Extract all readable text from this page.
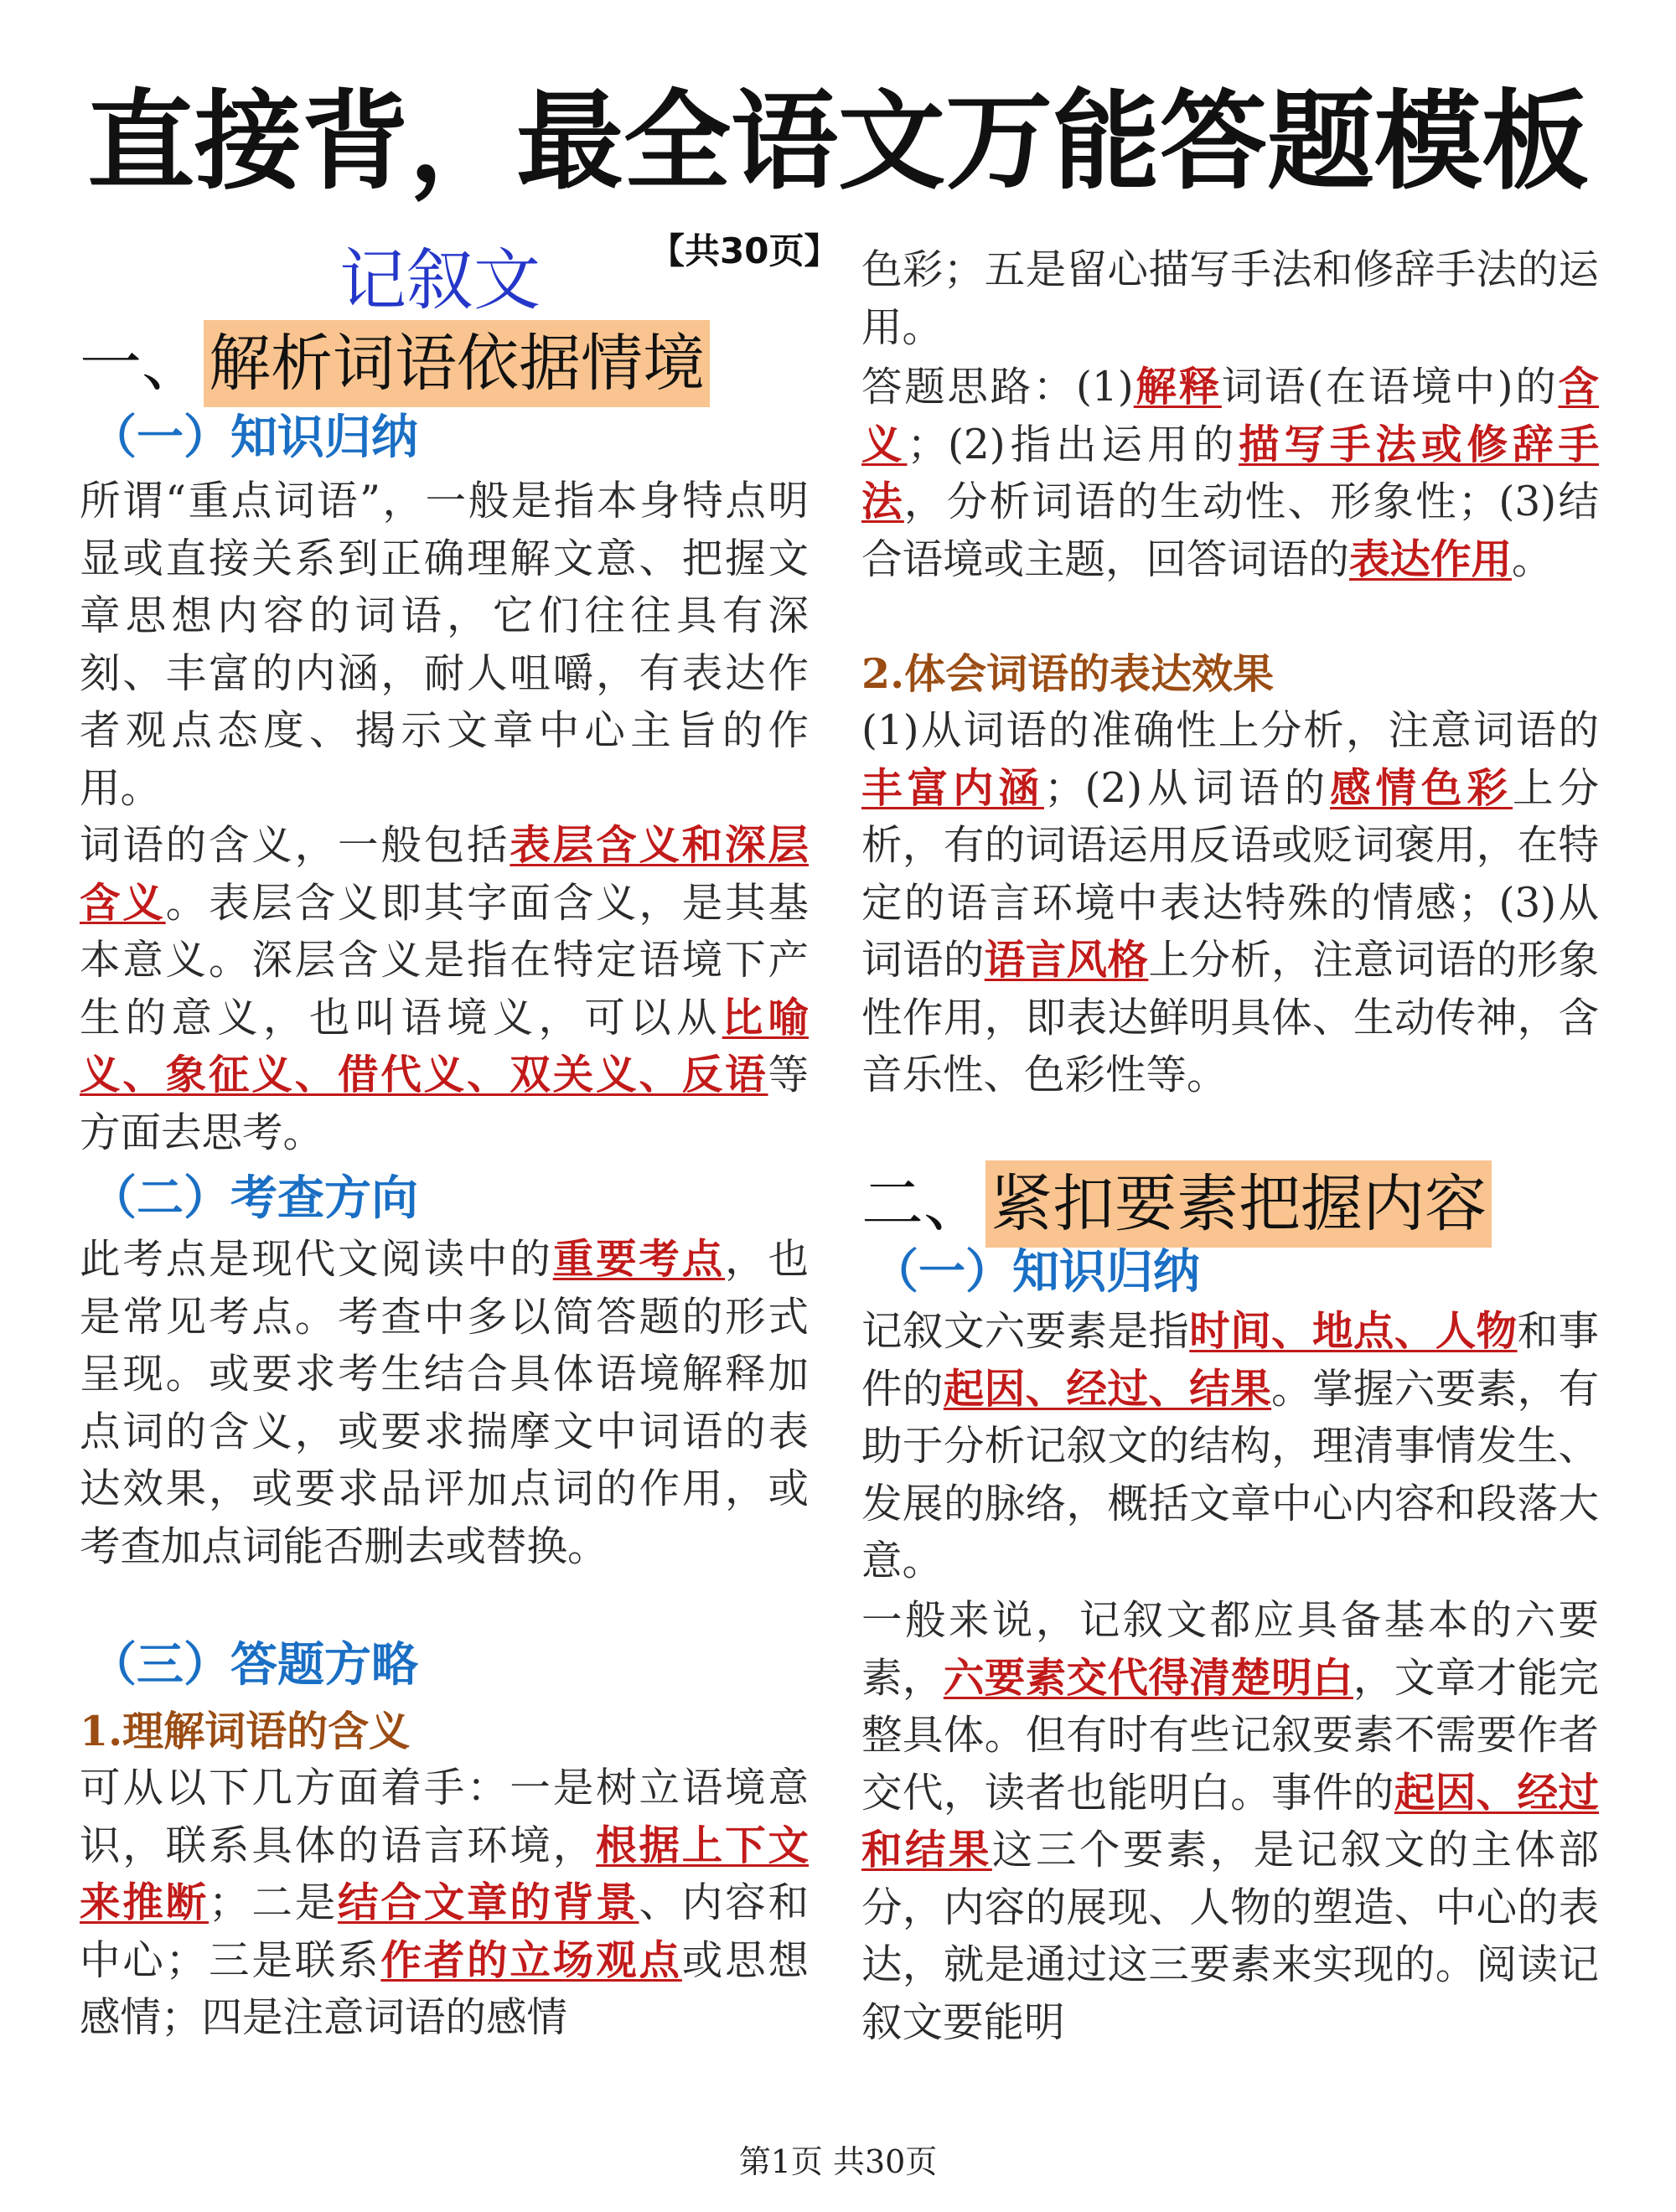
直接背，最全语文万能答题模板
记叙文	【共30页】
一、解析词语依据情境
（一）知识归纳
所谓“重点词语”，一般是指本身特点明显或直接关系到正确理解文意、把握文章思想内容的词语，它们往往具有深刻、丰富的内涵，耐人咀嚼，有表达作者观点态度、揭示文章中心主旨的作用。
词语的含义，一般包括表层含义和深层含义。表层含义即其字面含义，是其基本意义。深层含义是指在特定语境下产生的意义，也叫语境义，可以从比喻义、象征义、借代义、双关义、反语等方面去思考。
（二）考查方向
此考点是现代文阅读中的重要考点，也是常见考点。考查中多以简答题的形式呈现。或要求考生结合具体语境解释加点词的含义，或要求揣摩文中词语的表达效果，或要求品评加点词的作用，或考查加点词能否删去或替换。
（三）答题方略
1.理解词语的含义
可从以下几方面着手：一是树立语境意识，联系具体的语言环境，根据上下文来推断；二是结合文章的背景、内容和中心；三是联系作者的立场观点或思想感情；四是注意词语的感情
色彩；五是留心描写手法和修辞手法的运用。
答题思路：(1)解释词语(在语境中)的含义；(2)指出运用的描写手法或修辞手法，分析词语的生动性、形象性；(3)结合语境或主题，回答词语的表达作用。
2.体会词语的表达效果
(1)从词语的准确性上分析，注意词语的丰富内涵；(2)从词语的感情色彩上分析，有的词语运用反语或贬词褒用，在特定的语言环境中表达特殊的情感；(3)从词语的语言风格上分析，注意词语的形象性作用，即表达鲜明具体、生动传神，含音乐性、色彩性等。
二、紧扣要素把握内容
（一）知识归纳
记叙文六要素是指时间、地点、人物和事件的起因、经过、结果。掌握六要素，有助于分析记叙文的结构，理清事情发生、发展的脉络，概括文章中心内容和段落大意。
一般来说，记叙文都应具备基本的六要素，六要素交代得清楚明白，文章才能完整具体。但有时有些记叙要素不需要作者交代，读者也能明白。事件的起因、经过和结果这三个要素，是记叙文的主体部分，内容的展现、人物的塑造、中心的表达，就是通过这三要素来实现的。阅读记叙文要能明
第1页 共30页
